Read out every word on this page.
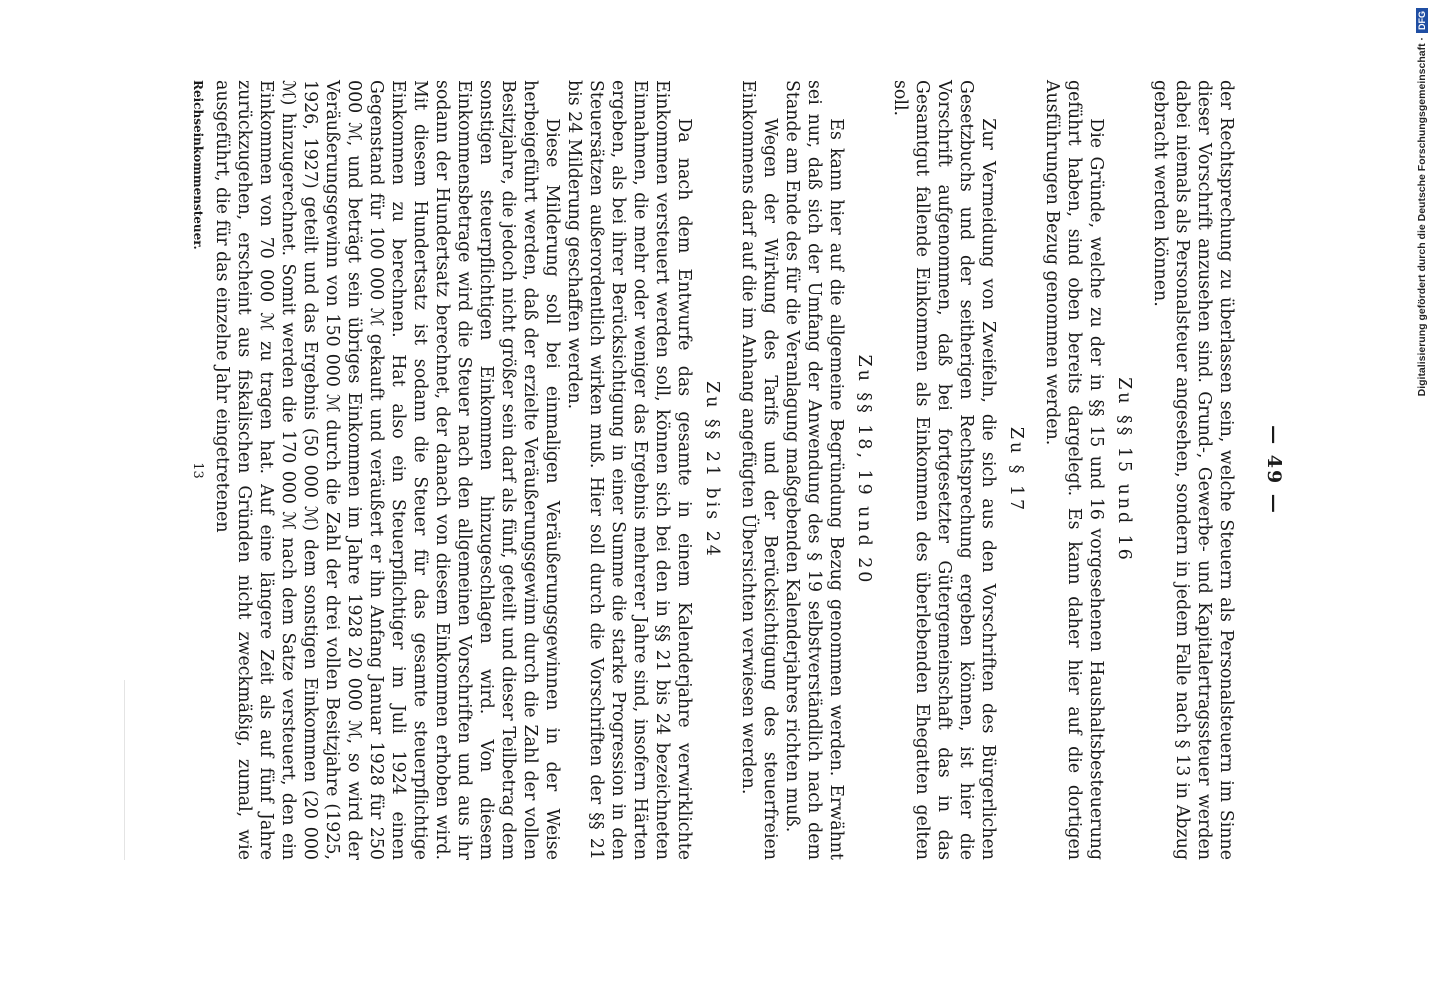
— 49 —

der Rechtsprechung zu überlassen sein, welche Steuern als Personalsteuern im Sinne dieser Vorschrift anzusehen sind. Grund-, Gewerbe- und Kapitalertragssteuer werden dabei niemals als Personalsteuer angesehen, sondern in jedem Falle nach § 13 in Abzug gebracht werden können.

Zu §§ 15 und 16

Die Gründe, welche zu der in §§ 15 und 16 vorgesehenen Haushaltsbesteuerung geführt haben, sind oben bereits dargelegt. Es kann daher hier auf die dortigen Ausführungen Bezug genommen werden.

Zu § 17

Zur Vermeidung von Zweifeln, die sich aus den Vorschriften des Bürgerlichen Gesetzbuchs und der seitherigen Rechtsprechung ergeben können, ist hier die Vorschrift aufgenommen, daß bei fortgesetzter Gütergemeinschaft das in das Gesamtgut fallende Einkommen als Einkommen des überlebenden Ehegatten gelten soll.

Zu §§ 18, 19 und 20

Es kann hier auf die allgemeine Begründung Bezug genommen werden. Erwähnt sei nur, daß sich der Umfang der Anwendung des § 19 selbstverständlich nach dem Stande am Ende des für die Veranlagung maßgebenden Kalenderjahres richten muß.

Wegen der Wirkung des Tarifs und der Berücksichtigung des steuerfreien Einkommens darf auf die im Anhang angefügten Übersichten verwiesen werden.

Zu §§ 21 bis 24

Da nach dem Entwurfe das gesamte in einem Kalenderjahre verwirklichte Einkommen versteuert werden soll, können sich bei den in §§ 21 bis 24 bezeichneten Einnahmen, die mehr oder weniger das Ergebnis mehrerer Jahre sind, insofern Härten ergeben, als bei ihrer Berücksichtigung in einer Summe die starke Progression in den Steuersätzen außerordentlich wirken muß. Hier soll durch die Vorschriften der §§ 21 bis 24 Milderung geschaffen werden.

Diese Milderung soll bei einmaligen Veräußerungsgewinnen in der Weise herbeigeführt werden, daß der erzielte Veräußerungsgewinn durch die Zahl der vollen Besitzjahre, die jedoch nicht größer sein darf als fünf, geteilt und dieser Teilbetrag dem sonstigen steuerpflichtigen Einkommen hinzugeschlagen wird. Von diesem Einkommensbetrage wird die Steuer nach den allgemeinen Vorschriften und aus ihr sodann der Hundertsatz berechnet, der danach von diesem Einkommen erhoben wird. Mit diesem Hundertsatz ist sodann die Steuer für das gesamte steuerpflichtige Einkommen zu berechnen. Hat also ein Steuerpflichtiger im Juli 1924 einen Gegenstand für 100 000 ℳ gekauft und veräußert er ihn Anfang Januar 1928 für 250 000 ℳ, und beträgt sein übriges Einkommen im Jahre 1928 20 000 ℳ, so wird der Veräußerungsgewinn von 150 000 ℳ durch die Zahl der drei vollen Besitzjahre (1925, 1926, 1927) geteilt und das Ergebnis (50 000 ℳ) dem sonstigen Einkommen (20 000 ℳ) hinzugerechnet. Somit werden die 170 000 ℳ nach dem Satze versteuert, den ein Einkommen von 70 000 ℳ zu tragen hat. Auf eine längere Zeit als auf fünf Jahre zurückzugehen, erscheint aus fiskalischen Gründen nicht zweckmäßig, zumal, wie ausgeführt, die für das einzelne Jahr eingetretenen

Reichseinkommensteuer.
13
Digitalisierung gefördert durch die Deutsche Forschungsgemeinschaft ·
DFG
